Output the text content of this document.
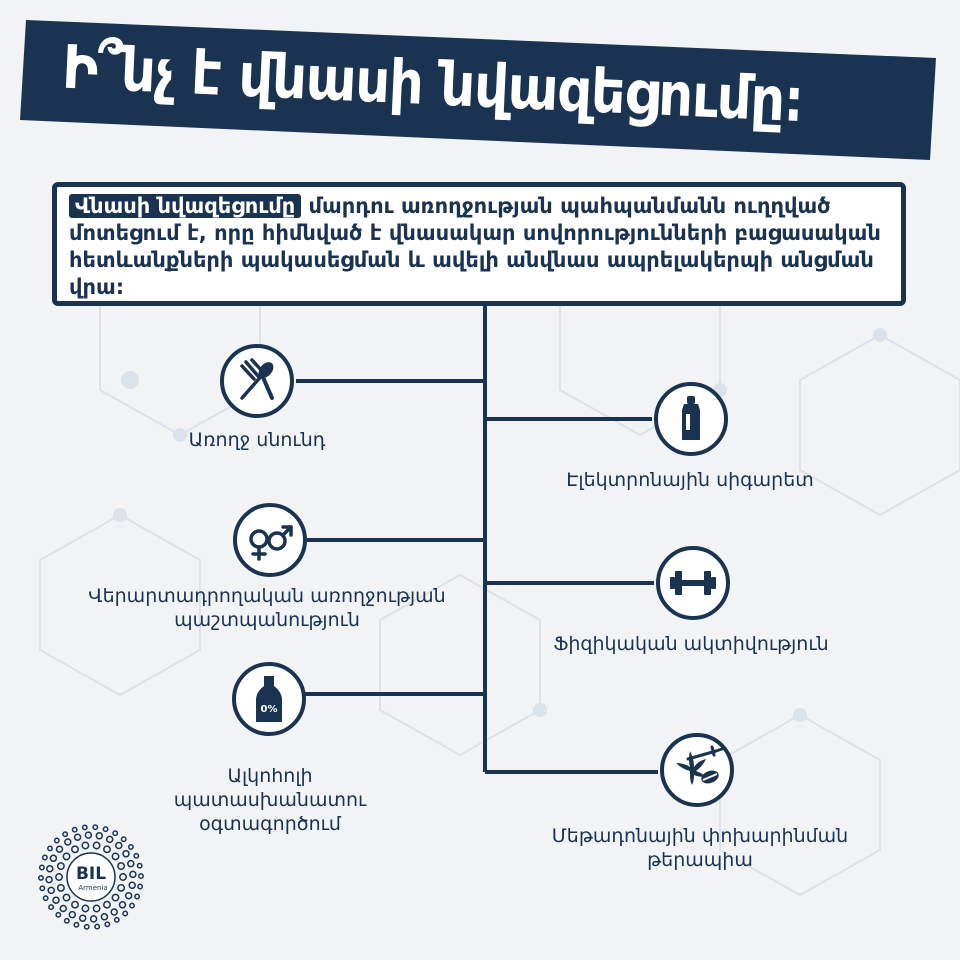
Ի՞նչ է վնասի նվազեցումը։
Վնասի նվազեցումը մարդու առողջության պահպանմանն ուղղված մոտեցում է, որը հիմնված է վնասակար սովորությունների բացասական հետևանքների պակասեցման և ավելի անվնաս ապրելակերպի անցման վրա:
Առողջ սնունդ
Վերարտադրողական առողջության պաշտպանություն
0%
Ալկոհոլի պատասխանատու օգտագործում
Էլեկտրոնային սիգարետ
Ֆիզիկական ակտիվություն
Մեթադոնային փոխարինման թերապիա
BIL
Armenia
